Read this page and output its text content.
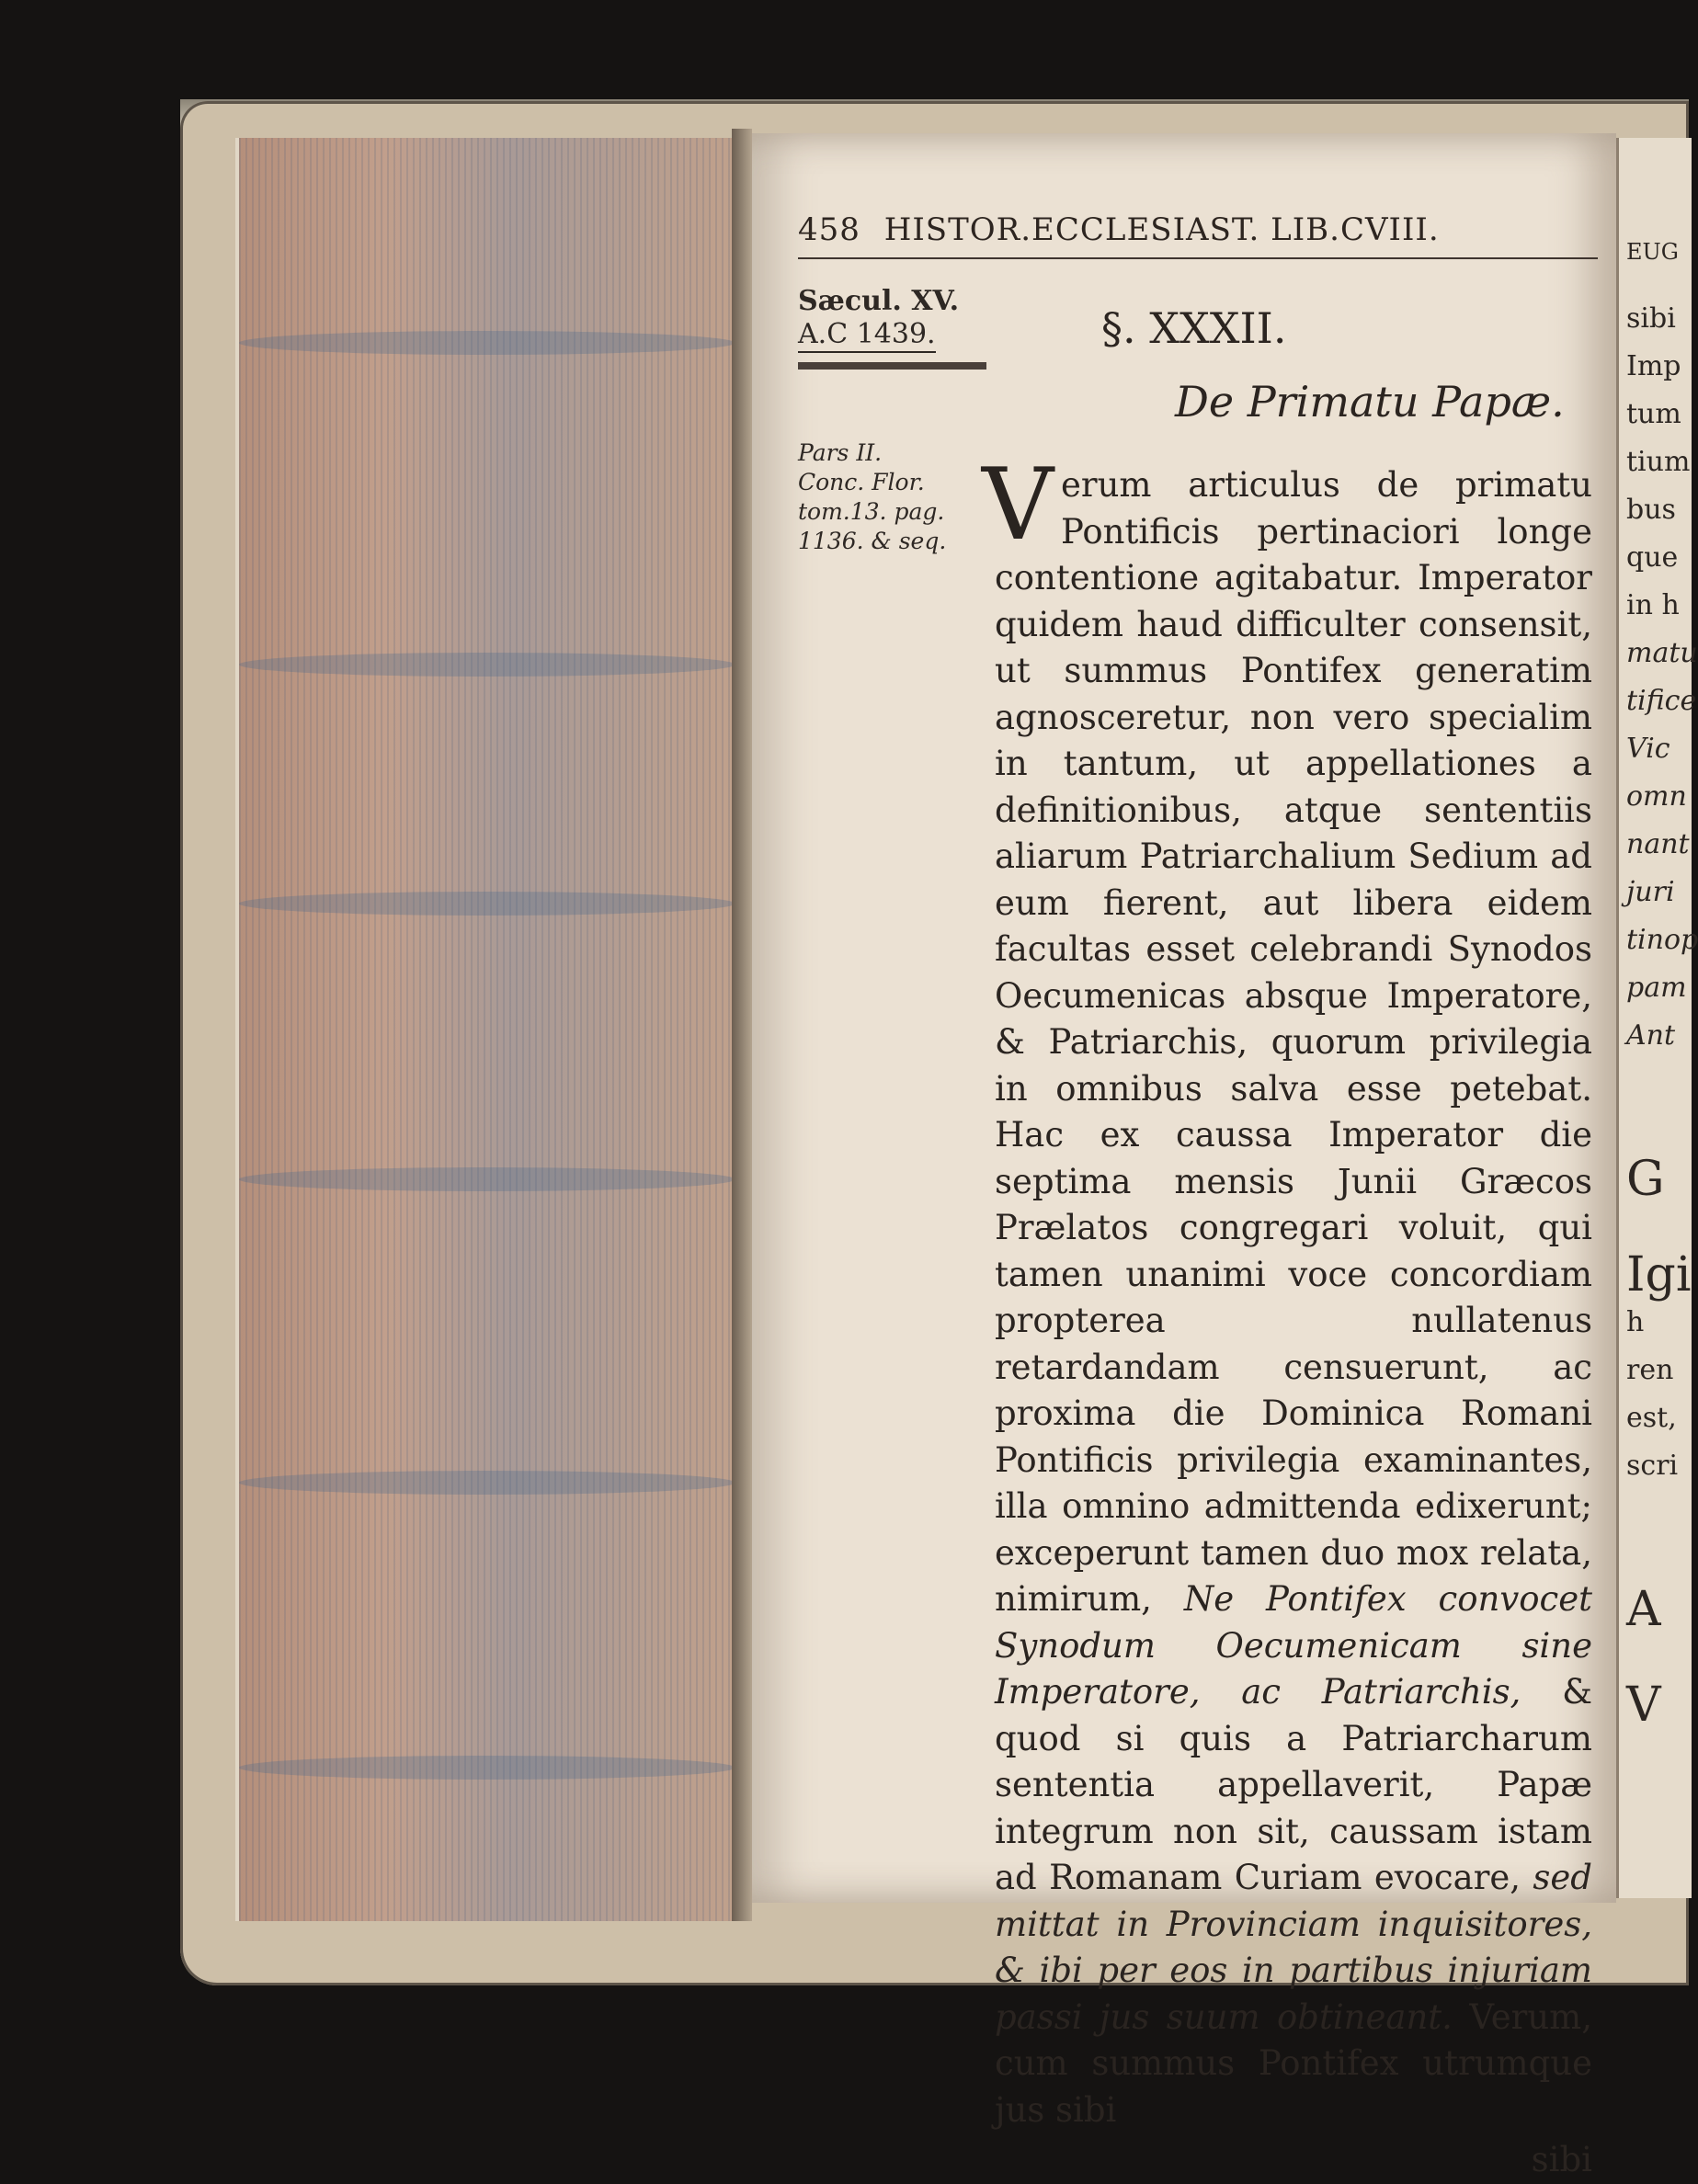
458 HISTOR.ECCLESIAST. LIB.CVIII.
Sæcul. XV.
A.C 1439.
Pars II.
Conc. Flor.
tom.13. pag.
1136. & seq.
§. XXXII.
De Primatu Papæ.
Verum articulus de primatu Pontificis pertinaciori longe contentione agitabatur. Imperator quidem haud difficulter consensit, ut summus Pontifex generatim agnosceretur, non vero specialim in tantum, ut appellationes a definitionibus, atque sententiis aliarum Patriarchalium Sedium ad eum fierent, aut libera eidem facultas esset celebrandi Synodos Oecumenicas absque Imperatore, & Patriarchis, quorum privilegia in omnibus salva esse petebat. Hac ex caussa Imperator die septima mensis Junii Græcos Prælatos congregari voluit, qui tamen unanimi voce concordiam propterea nullatenus retardandam censuerunt, ac proxima die Dominica Romani Pontificis privilegia examinantes, illa omnino admittenda edixerunt; exceperunt tamen duo mox relata, nimirum, Ne Pontifex convocet Synodum Oecumenicam sine Imperatore, ac Patriarchis, & quod si quis a Patriarcharum sententia appellaverit, Papæ integrum non sit, caussam istam ad Romanam Curiam evocare, sed mittat in Provinciam inquisitores, & ibi per eos in partibus injuriam passi jus suum obtineant. Verum, cum summus Pontifex utrumque jus sibi
sibi
EUG
sibi
Imp
tum
tium
bus
que
in h
matu
tifice
Vic
omn
nant
juri
tinop
pam
Ant
G
Igi
h
ren
est,
scri
A
V
